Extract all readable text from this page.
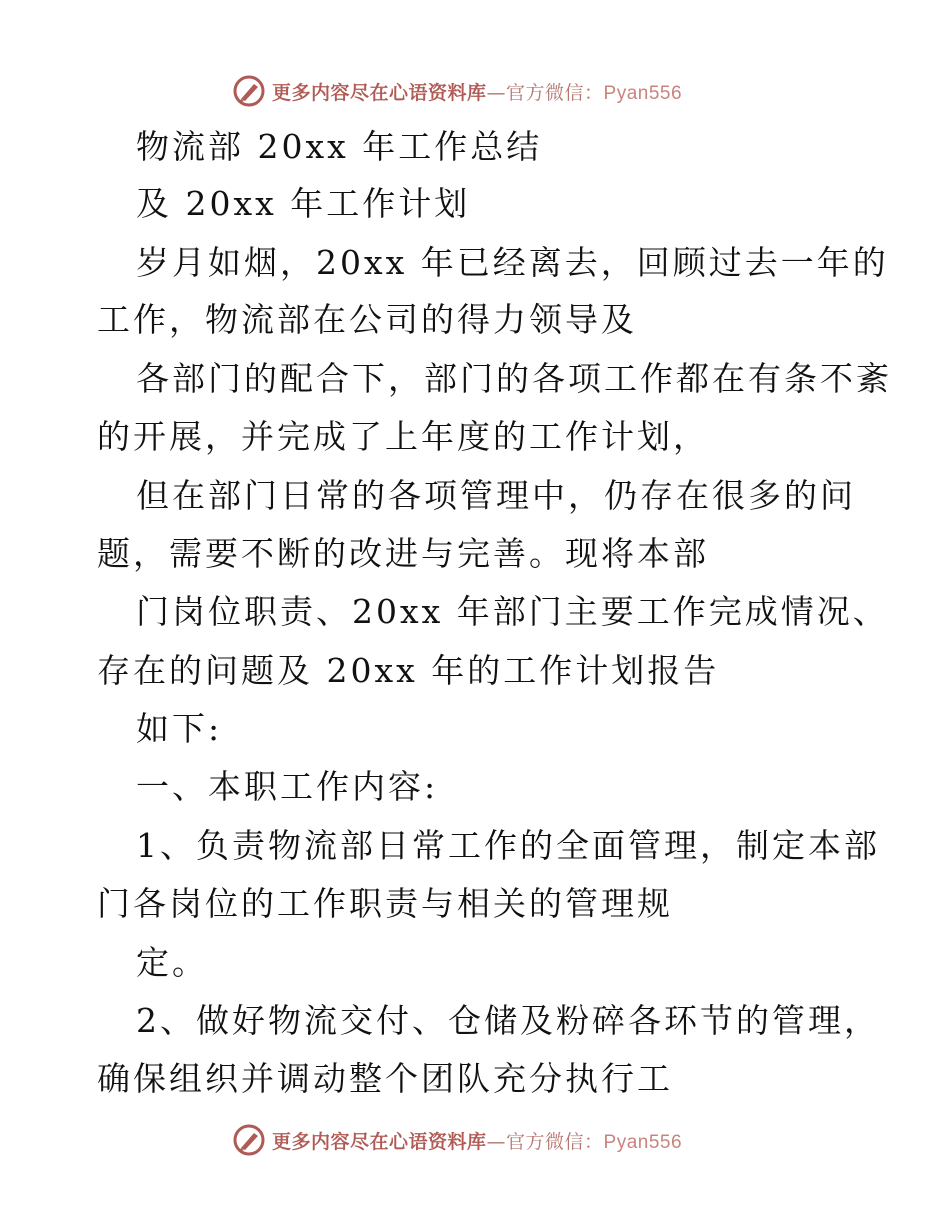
更多内容尽在心语资料库—官方微信：Pyan556
物流部 20xx 年工作总结
及 20xx 年工作计划
岁月如烟，20xx 年已经离去，回顾过去一年的
工作，物流部在公司的得力领导及
各部门的配合下，部门的各项工作都在有条不紊
的开展，并完成了上年度的工作计划，
但在部门日常的各项管理中，仍存在很多的问
题，需要不断的改进与完善。现将本部
门岗位职责、20xx 年部门主要工作完成情况、
存在的问题及 20xx 年的工作计划报告
如下:
一、本职工作内容:
1、负责物流部日常工作的全面管理，制定本部
门各岗位的工作职责与相关的管理规
定。
2、做好物流交付、仓储及粉碎各环节的管理，
确保组织并调动整个团队充分执行工
更多内容尽在心语资料库—官方微信：Pyan556
